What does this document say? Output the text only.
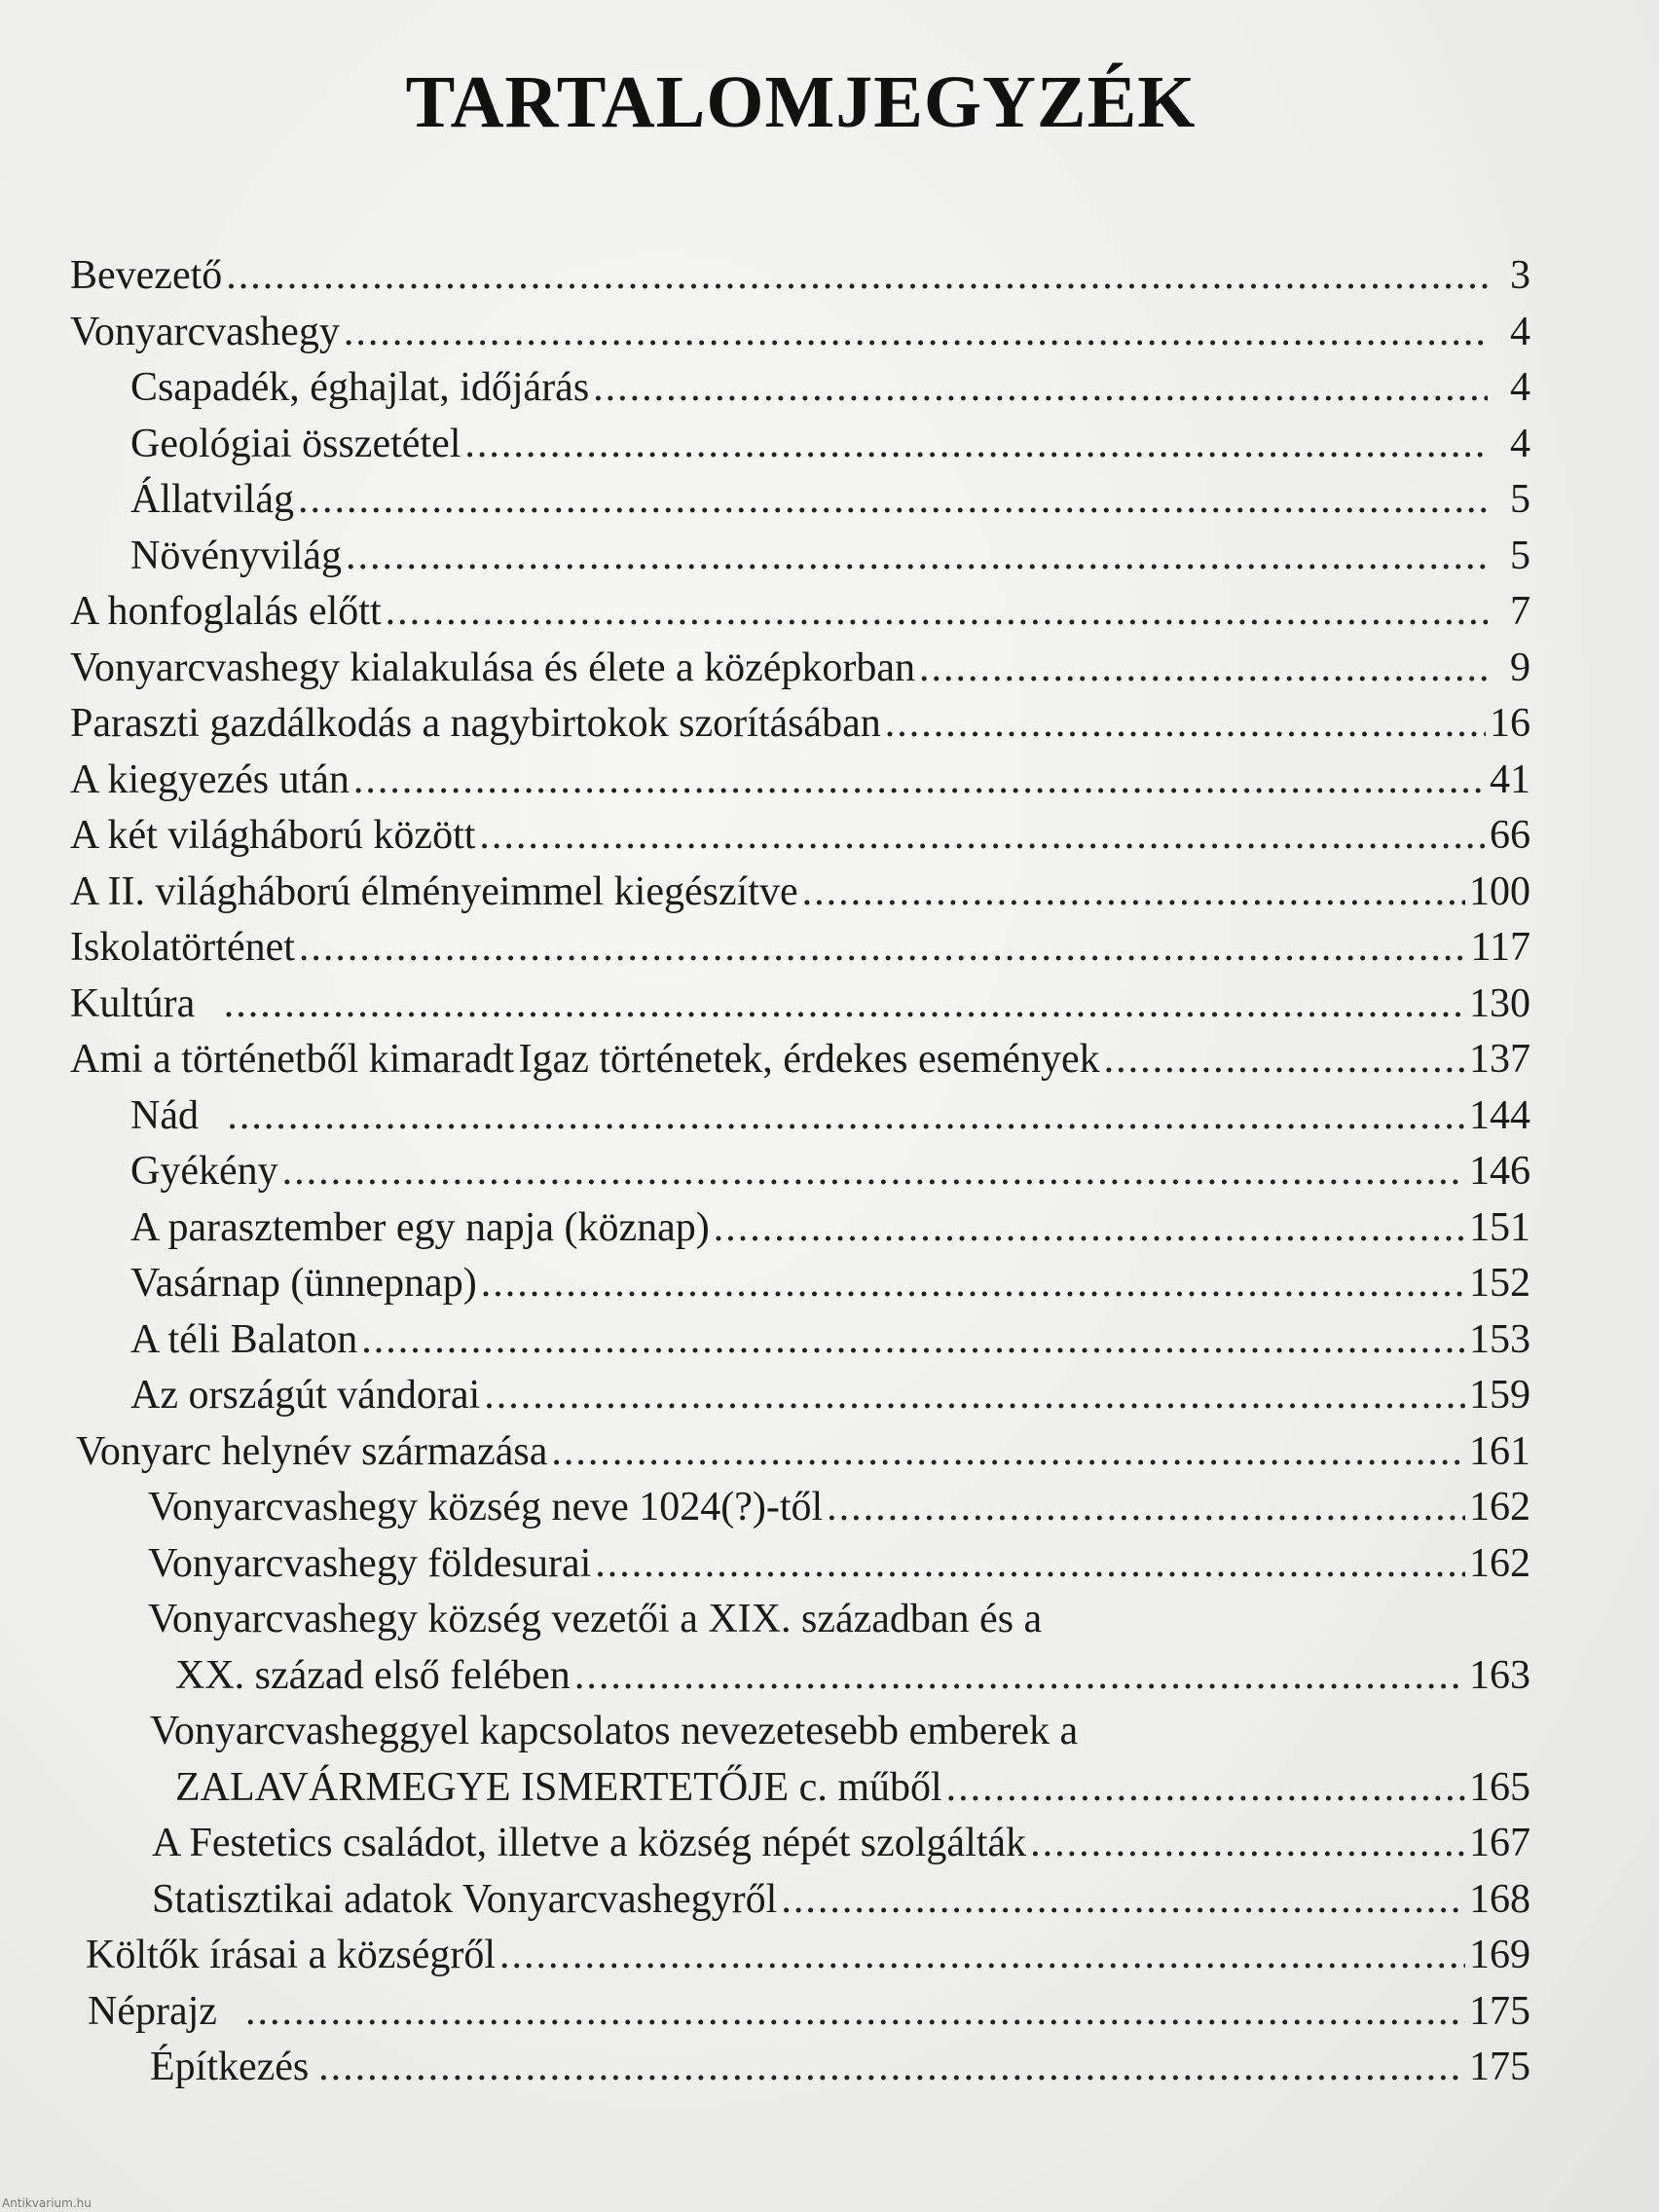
TARTALOMJEGYZÉK
Bevezető .....	3
Vonyarcvashegy .....	4
Csapadék, éghajlat, időjárás .....	4
Geológiai összetétel .....	4
Állatvilág .....	5
Növényvilág .....	5
A honfoglalás előtt .....	7
Vonyarcvashegy kialakulása és élete a középkorban .....	9
Paraszti gazdálkodás a nagybirtokok szorításában .....	16
A kiegyezés után .....	41
A két világháború között .....	66
A II. világháború élményeimmel kiegészítve .....	100
Iskolatörténet .....	117
Kultúra .....	130
Ami a történetből kimaradt Igaz történetek, érdekes események .....	137
Nád .....	144
Gyékény .....	146
A parasztember egy napja (köznap) .....	151
Vasárnap (ünnepnap) .....	152
A téli Balaton .....	153
Az országút vándorai .....	159
Vonyarc helynév származása .....	161
Vonyarcvashegy község neve 1024(?)-től .....	162
Vonyarcvashegy földesurai .....	162
Vonyarcvashegy község vezetői a XIX. században és a
XX. század első felében .....	163
Vonyarcvasheggyel kapcsolatos nevezetesebb emberek a
ZALAVÁRMEGYE ISMERTETŐJE c. műből .....	165
A Festetics családot, illetve a község népét szolgálták .....	167
Statisztikai adatok Vonyarcvashegyről .....	168
Költők írásai a községről .....	169
Néprajz .....	175
Építkezés .....	175
Antikvarium.hu
